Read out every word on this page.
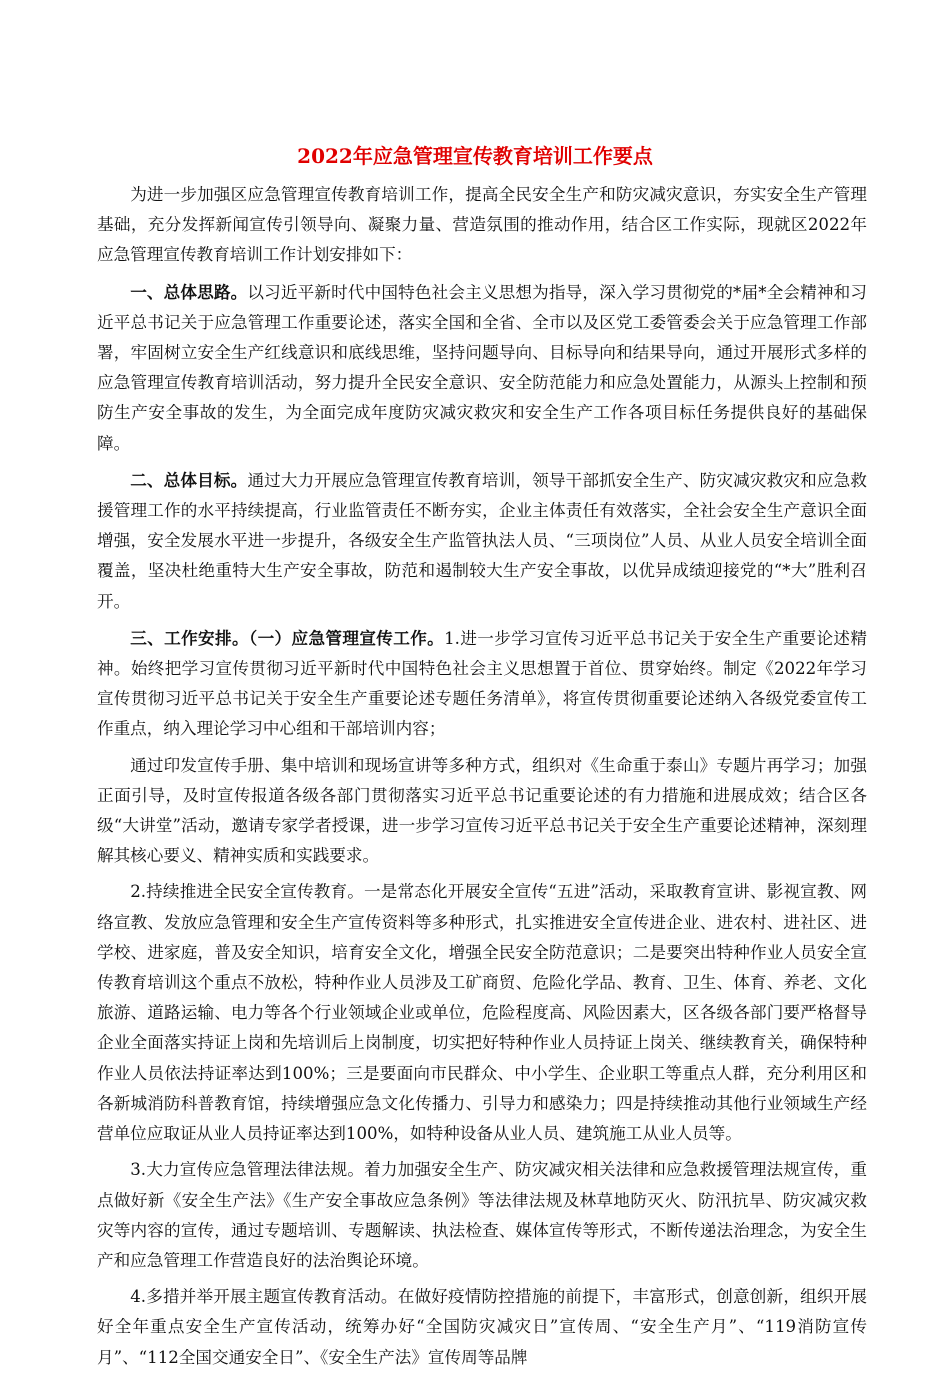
2022年应急管理宣传教育培训工作要点

为进一步加强区应急管理宣传教育培训工作，提高全民安全生产和防灾减灾意识，夯实安全生产管理基础，充分发挥新闻宣传引领导向、凝聚力量、营造氛围的推动作用，结合区工作实际，现就区2022年应急管理宣传教育培训工作计划安排如下：

一、总体思路。以习近平新时代中国特色社会主义思想为指导，深入学习贯彻党的*届*全会精神和习近平总书记关于应急管理工作重要论述，落实全国和全省、全市以及区党工委管委会关于应急管理工作部署，牢固树立安全生产红线意识和底线思维，坚持问题导向、目标导向和结果导向，通过开展形式多样的应急管理宣传教育培训活动，努力提升全民安全意识、安全防范能力和应急处置能力，从源头上控制和预防生产安全事故的发生，为全面完成年度防灾减灾救灾和安全生产工作各项目标任务提供良好的基础保障。

二、总体目标。通过大力开展应急管理宣传教育培训，领导干部抓安全生产、防灾减灾救灾和应急救援管理工作的水平持续提高，行业监管责任不断夯实，企业主体责任有效落实，全社会安全生产意识全面增强，安全发展水平进一步提升，各级安全生产监管执法人员、“三项岗位”人员、从业人员安全培训全面覆盖，坚决杜绝重特大生产安全事故，防范和遏制较大生产安全事故，以优异成绩迎接党的“*大”胜利召开。

三、工作安排。（一）应急管理宣传工作。1.进一步学习宣传习近平总书记关于安全生产重要论述精神。始终把学习宣传贯彻习近平新时代中国特色社会主义思想置于首位、贯穿始终。制定《2022年学习宣传贯彻习近平总书记关于安全生产重要论述专题任务清单》，将宣传贯彻重要论述纳入各级党委宣传工作重点，纳入理论学习中心组和干部培训内容；

通过印发宣传手册、集中培训和现场宣讲等多种方式，组织对《生命重于泰山》专题片再学习；加强正面引导，及时宣传报道各级各部门贯彻落实习近平总书记重要论述的有力措施和进展成效；结合区各级“大讲堂”活动，邀请专家学者授课，进一步学习宣传习近平总书记关于安全生产重要论述精神，深刻理解其核心要义、精神实质和实践要求。

2.持续推进全民安全宣传教育。一是常态化开展安全宣传“五进”活动，采取教育宣讲、影视宣教、网络宣教、发放应急管理和安全生产宣传资料等多种形式，扎实推进安全宣传进企业、进农村、进社区、进学校、进家庭，普及安全知识，培育安全文化，增强全民安全防范意识；二是要突出特种作业人员安全宣传教育培训这个重点不放松，特种作业人员涉及工矿商贸、危险化学品、教育、卫生、体育、养老、文化旅游、道路运输、电力等各个行业领域企业或单位，危险程度高、风险因素大，区各级各部门要严格督导企业全面落实持证上岗和先培训后上岗制度，切实把好特种作业人员持证上岗关、继续教育关，确保特种作业人员依法持证率达到100%；三是要面向市民群众、中小学生、企业职工等重点人群，充分利用区和各新城消防科普教育馆，持续增强应急文化传播力、引导力和感染力；四是持续推动其他行业领域生产经营单位应取证从业人员持证率达到100%，如特种设备从业人员、建筑施工从业人员等。

3.大力宣传应急管理法律法规。着力加强安全生产、防灾减灾相关法律和应急救援管理法规宣传，重点做好新《安全生产法》《生产安全事故应急条例》等法律法规及林草地防灭火、防汛抗旱、防灾减灾救灾等内容的宣传，通过专题培训、专题解读、执法检查、媒体宣传等形式，不断传递法治理念，为安全生产和应急管理工作营造良好的法治舆论环境。

4.多措并举开展主题宣传教育活动。在做好疫情防控措施的前提下，丰富形式，创意创新，组织开展好全年重点安全生产宣传活动，统筹办好“全国防灾减灾日”宣传周、“安全生产月”、“119消防宣传月”、“112全国交通安全日”、《安全生产法》宣传周等品牌
